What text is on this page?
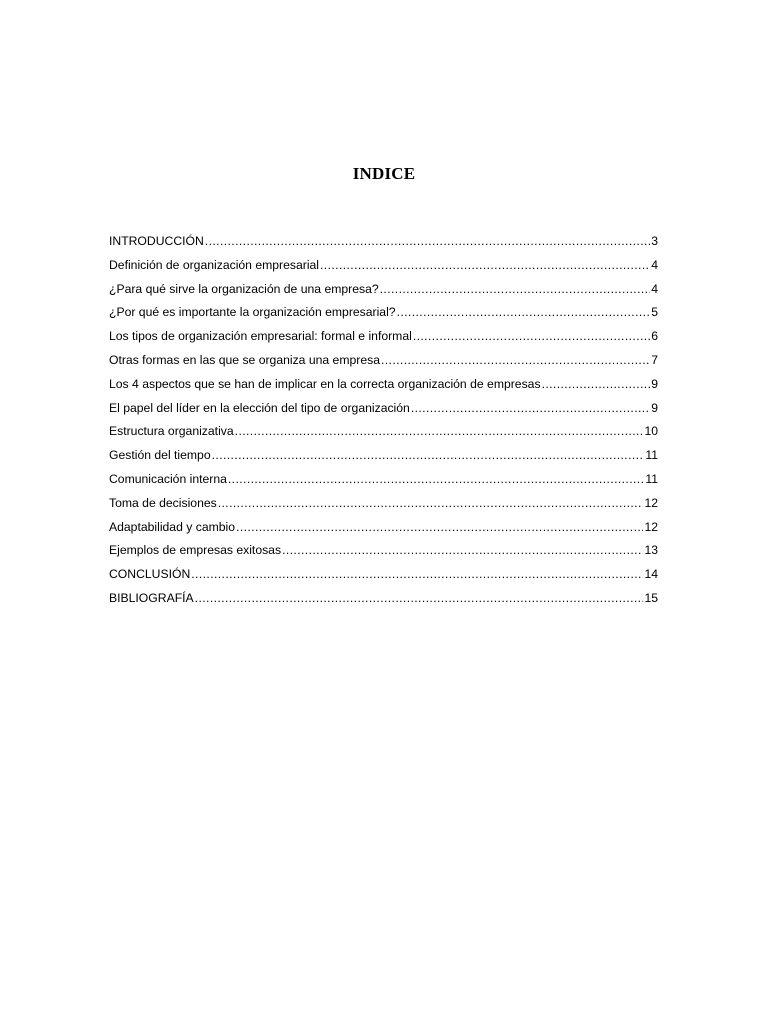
INDICE
INTRODUCCIÓN .....	3
Definición de organización empresarial .....	4
¿Para qué sirve la organización de una empresa? .....	4
¿Por qué es importante la organización empresarial? .....	5
Los tipos de organización empresarial: formal e informal .....	6
Otras formas en las que se organiza una empresa .....	7
Los 4 aspectos que se han de implicar en la correcta organización de empresas .....	9
El papel del líder en la elección del tipo de organización .....	9
Estructura organizativa .....	10
Gestión del tiempo .....	11
Comunicación interna .....	11
Toma de decisiones .....	12
Adaptabilidad y cambio .....	12
Ejemplos de empresas exitosas .....	13
CONCLUSIÓN .....	14
BIBLIOGRAFÍA .....	15
